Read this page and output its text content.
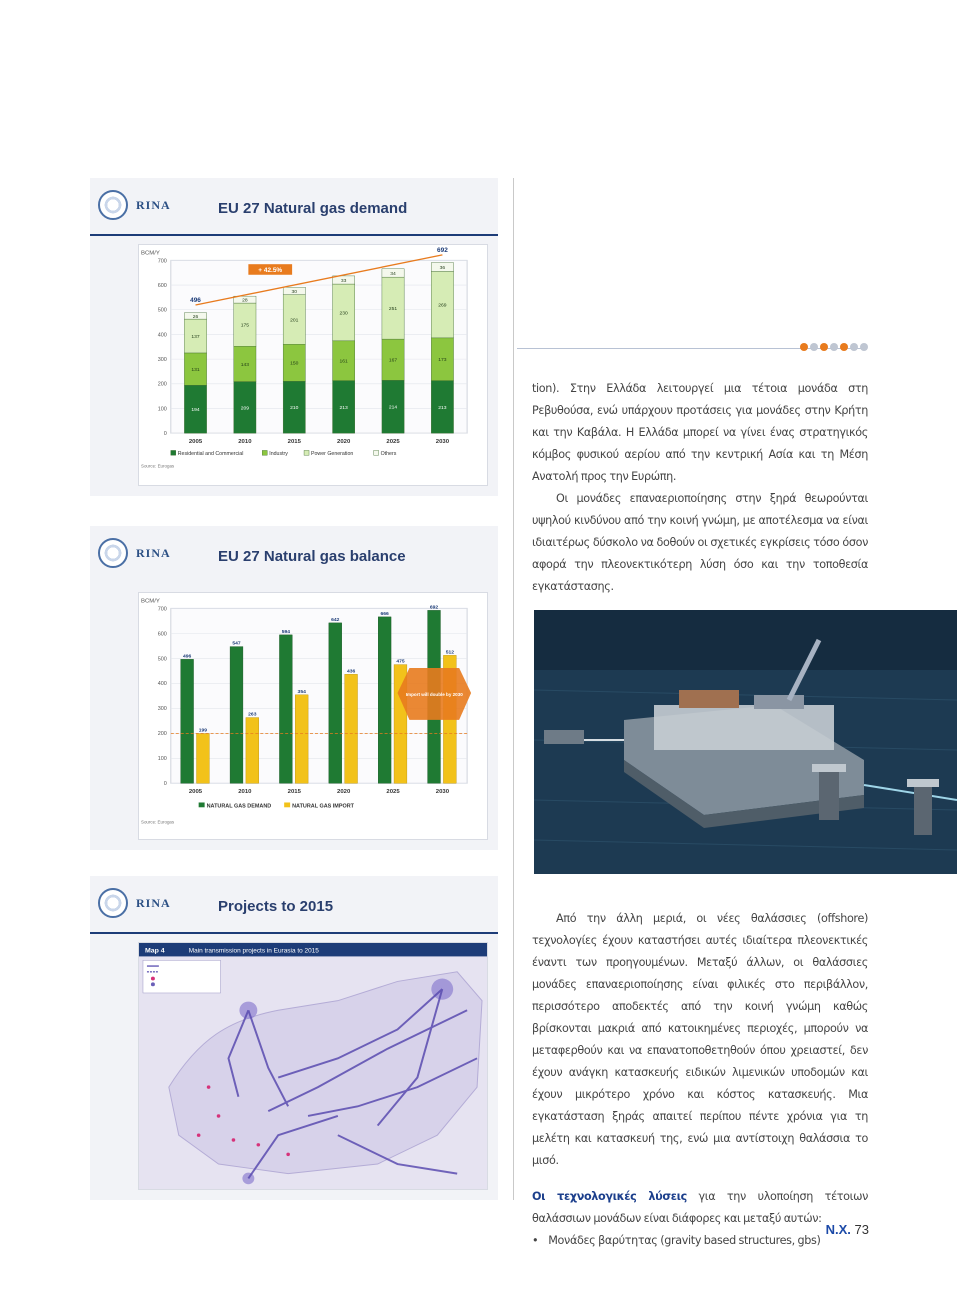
RINA	EU 27 Natural gas demand
BCM/Y
0
100
200
300
400
500
600
700
194
131
137
26
2005
209
143
175
28
2010
210
150
201
30
2015
213
161
230
33
2020
214
167
251
34
2025
213
173
269
36
2030
496
692
+ 42.5%
Residential and Commercial	Industry	Power Generation	Others
Source: Eurogas
RINA	EU 27 Natural gas balance
BCM/Y
0
100
200
300
400
500
600
700
496
199
2005
547
263
2010
594
354
2015
642
436
2020
666
475
2025
692
512
2030
Import will double by 2030
NATURAL GAS DEMAND	NATURAL GAS IMPORT
Source: Eurogas
RINA	Projects to 2015
Map 4	Main transmission projects in Eurasia to 2015

tion). Στην Ελλάδα λειτουργεί μια τέτοια μονάδα στη Ρεβυθούσα, ενώ υπάρχουν προτάσεις για μονάδες στην Κρήτη και την Καβάλα. Η Ελλάδα μπορεί να γίνει ένας στρατηγικός κόμβος φυσικού αερίου από την κεντρική Ασία και τη Μέση Ανατολή προς την Ευρώπη.

Οι μονάδες επαναεριοποίησης στην ξηρά θεωρούνται υψηλού κινδύνου από την κοινή γνώμη, με αποτέλεσμα να είναι ιδιαιτέρως δύσκολο να δοθούν οι σχετικές εγκρίσεις τόσο όσον αφορά την πλεονεκτικότερη λύση όσο και την τοποθεσία εγκατάστασης.

Από την άλλη μεριά, οι νέες θαλάσσιες (offshore) τεχνολογίες έχουν καταστήσει αυτές ιδιαίτερα πλεονεκτικές έναντι των προηγουμένων. Μεταξύ άλλων, οι θαλάσσιες μονάδες επαναεριοποίησης είναι φιλικές στο περιβάλλον, περισσότερο αποδεκτές από την κοινή γνώμη καθώς βρίσκονται μακριά από κατοικημένες περιοχές, μπορούν να μεταφερθούν και να επανατοποθετηθούν όπου χρειαστεί, δεν έχουν ανάγκη κατασκευής ειδικών λιμενικών υποδομών και έχουν μικρότερο χρόνο και κόστος κατασκευής. Μια εγκατάσταση ξηράς απαιτεί περίπου πέντε χρόνια για τη μελέτη και κατασκευή της, ενώ μια αντίστοιχη θαλάσσια το μισό.

Οι τεχνολογικές λύσεις για την υλοποίηση τέτοιων θαλάσσιων μονάδων είναι διάφορες και μεταξύ αυτών:

• Μονάδες βαρύτητας (gravity based structures, gbs)
N.X. 73
